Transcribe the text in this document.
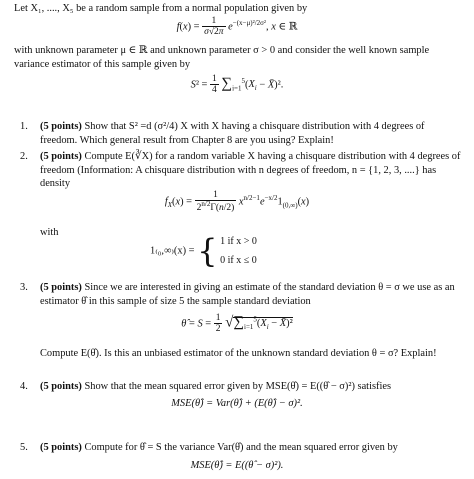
Let X₁, ...., X₅ be a random sample from a normal population given by

$f(x) = \frac{1}{\sigma√2\pi} e^{-(x-\mu)^2/2\sigma^2}$, x ∈ ℝ

with unknown parameter μ ∈ ℝ and unknown parameter σ > 0 and consider the well known sample variance estimator of this sample given by

$S^2 = \frac{1}{4} \sum_{i=1}^5(X_i$ − X̄)².
1. (5 points) Show that S² =d (σ²/4) X with X having a chisquare distribution with 4 degrees of freedom. Which general result from Chapter 8 are you using? Explain!

2. (5 points) Compute E(∛X) for a random variable X having a chisquare distribution with 4 degrees of freedom (Information: A chisquare distribution with n degrees of freedom, n = {1, 2, 3, ....} has density

$f_X(x) = \frac{1}{2^{n/2}\Gamma(n/2)} x^{n/2-1}e^{-x/2}1_{(0,\infty)}(x)$

with

1₍₀,∞₎(x) = { 1 if x > 0
0 if x ≤ 0
3. (5 points) Since we are interested in giving an estimate of the standard deviation θ = σ we use as an estimator θ̂ in this sample of size 5 the sample standard deviation

θ̂ = $S = \frac{1}{2} √\sum_{i=1}^5(X_i$ − X̄)²

Compute E(θ̂). Is this an unbiased estimator of the unknown standard deviation θ = σ? Explain!

4. (5 points) Show that the mean squared error given by MSE(θ̂) = E((θ̂ − σ)²) satisfies

MSE(θ̂) = Var(θ̂) + (E(θ̂) − σ)².
5. (5 points) Compute for θ̂ = S the variance Var(θ̂) and the mean squared error given by

MSE(θ̂) = E((θ̂ − σ)²).
